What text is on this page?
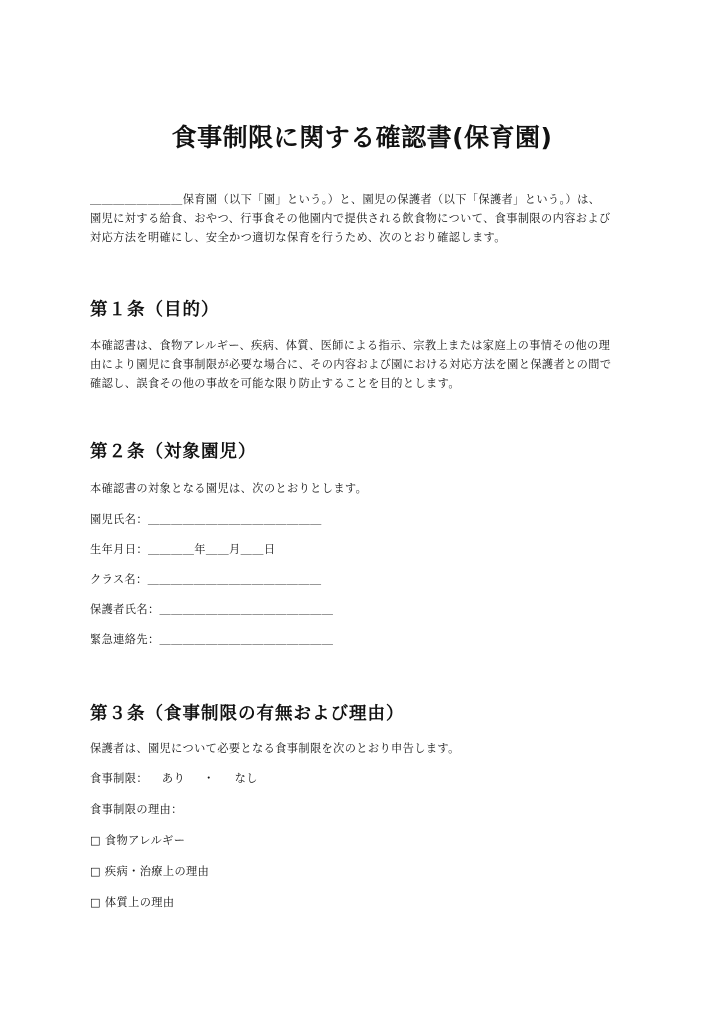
食事制限に関する確認書(保育園)

＿＿＿＿＿＿＿＿保育園（以下「園」という。）と、園児の保護者（以下「保護者」という。）は、
園児に対する給食、おやつ、行事食その他園内で提供される飲食物について、食事制限の内容および
対応方法を明確にし、安全かつ適切な保育を行うため、次のとおり確認します。

第１条（目的）

本確認書は、食物アレルギー、疾病、体質、医師による指示、宗教上または家庭上の事情その他の理
由により園児に食事制限が必要な場合に、その内容および園における対応方法を園と保護者との間で
確認し、誤食その他の事故を可能な限り防止することを目的とします。

第２条（対象園児）
本確認書の対象となる園児は、次のとおりとします。
園児氏名：＿＿＿＿＿＿＿＿＿＿＿＿＿＿＿
生年月日：＿＿＿＿年＿＿月＿＿日
クラス名：＿＿＿＿＿＿＿＿＿＿＿＿＿＿＿
保護者氏名：＿＿＿＿＿＿＿＿＿＿＿＿＿＿＿
緊急連絡先：＿＿＿＿＿＿＿＿＿＿＿＿＿＿＿
第３条（食事制限の有無および理由）
保護者は、園児について必要となる食事制限を次のとおり申告します。
食事制限： あり ・ なし
食事制限の理由：
□ 食物アレルギー
□ 疾病・治療上の理由
□ 体質上の理由
